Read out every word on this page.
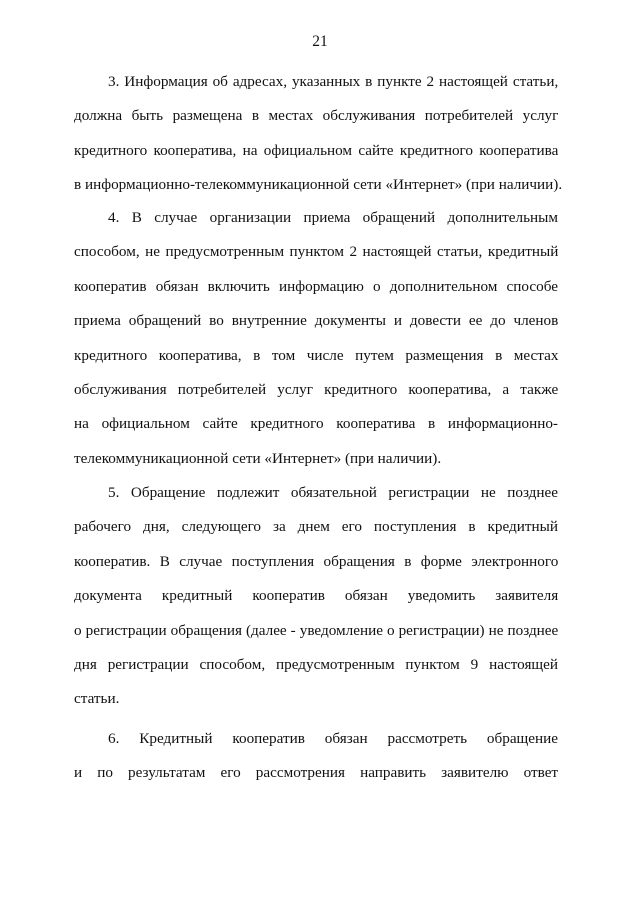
21
3. Информация об адресах, указанных в пункте 2 настоящей статьи,
должна быть размещена в местах обслуживания потребителей услуг
кредитного кооператива, на официальном сайте кредитного кооператива
в информационно-телекоммуникационной сети «Интернет» (при наличии).
4. В случае организации приема обращений дополнительным
способом, не предусмотренным пунктом 2 настоящей статьи, кредитный
кооператив обязан включить информацию о дополнительном способе
приема обращений во внутренние документы и довести ее до членов
кредитного кооператива, в том числе путем размещения в местах
обслуживания потребителей услуг кредитного кооператива, а также
на официальном сайте кредитного кооператива в информационно-
телекоммуникационной сети «Интернет» (при наличии).
5. Обращение подлежит обязательной регистрации не позднее
рабочего дня, следующего за днем его поступления в кредитный
кооператив. В случае поступления обращения в форме электронного
документа кредитный кооператив обязан уведомить заявителя
о регистрации обращения (далее - уведомление о регистрации) не позднее
дня регистрации способом, предусмотренным пунктом 9 настоящей
статьи.
6. Кредитный кооператив обязан рассмотреть обращение
и по результатам его рассмотрения направить заявителю ответ
